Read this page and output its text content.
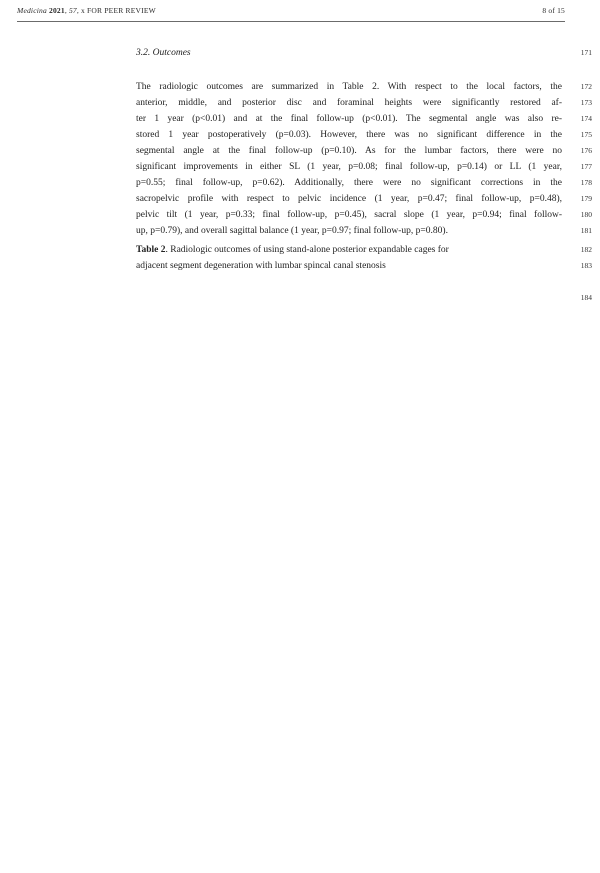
Medicina 2021, 57, x FOR PEER REVIEW	8 of 15
3.2. Outcomes	171
The radiologic outcomes are summarized in Table 2. With respect to the local factors, the	172
anterior, middle, and posterior disc and foraminal heights were significantly restored af-	173
ter 1 year (p<0.01) and at the final follow-up (p<0.01). The segmental angle was also re-	174
stored 1 year postoperatively (p=0.03). However, there was no significant difference in the	175
segmental angle at the final follow-up (p=0.10). As for the lumbar factors, there were no	176
significant improvements in either SL (1 year, p=0.08; final follow-up, p=0.14) or LL (1 year,	177
p=0.55; final follow-up, p=0.62). Additionally, there were no significant corrections in the	178
sacropelvic profile with respect to pelvic incidence (1 year, p=0.47; final follow-up, p=0.48),	179
pelvic tilt (1 year, p=0.33; final follow-up, p=0.45), sacral slope (1 year, p=0.94; final follow-	180
up, p=0.79), and overall sagittal balance (1 year, p=0.97; final follow-up, p=0.80).	181
Table 2. Radiologic outcomes of using stand-alone posterior expandable cages for	182
adjacent segment degeneration with lumbar spincal canal stenosis	183
184
